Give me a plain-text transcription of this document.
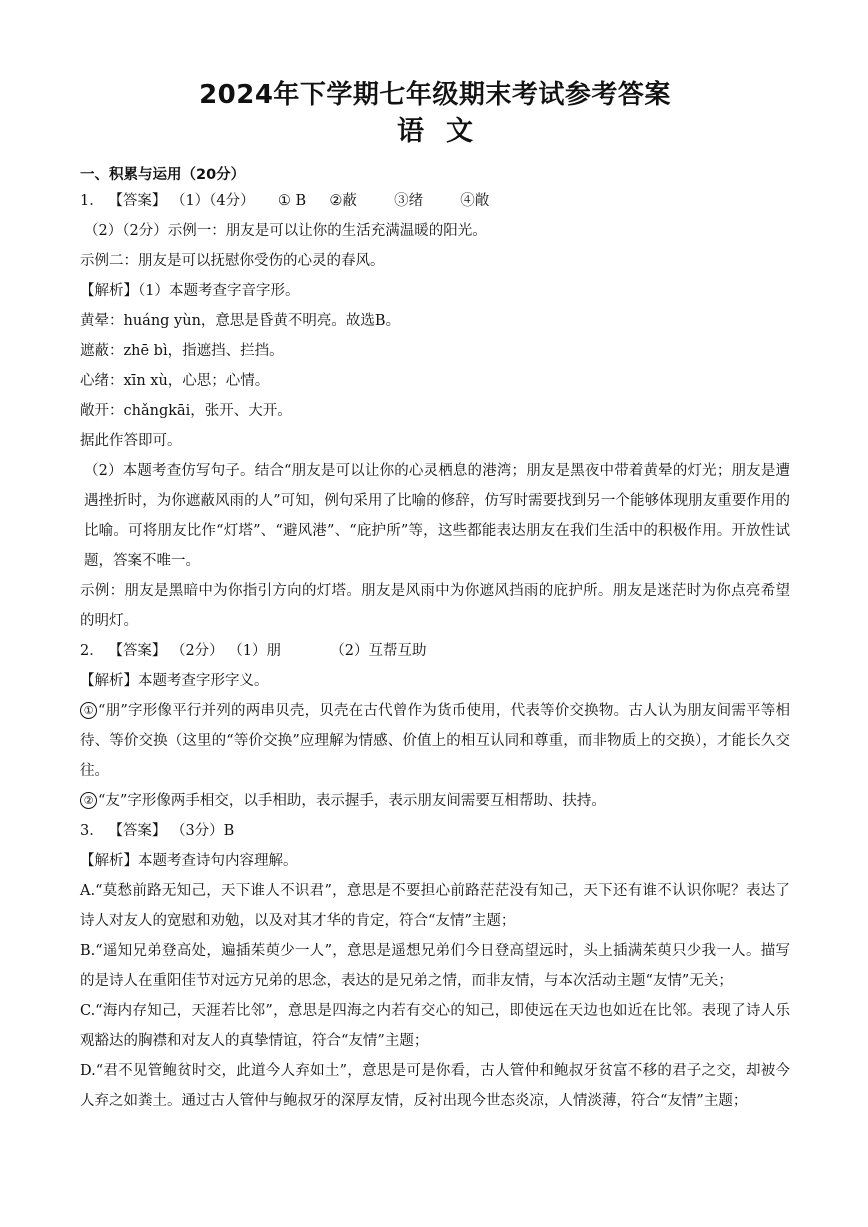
2024年下学期七年级期末考试参考答案
语文

一、积累与运用（20分）

1． 【答案】 （1）（4分） ① B ②蔽	③绪	④敞

（2）（2分）示例一：朋友是可以让你的生活充满温暖的阳光。

示例二：朋友是可以抚慰你受伤的心灵的春风。

【解析】（1）本题考查字音字形。

黄晕：huáng yùn，意思是昏黄不明亮。故选B。

遮蔽：zhē bì，指遮挡、拦挡。

心绪：xīn xù，心思；心情。

敞开：chǎngkāi，张开、大开。

据此作答即可。

（2）本题考查仿写句子。结合“朋友是可以让你的心灵栖息的港湾；朋友是黑夜中带着黄晕的灯光；朋友是遭遇挫折时，为你遮蔽风雨的人”可知，例句采用了比喻的修辞，仿写时需要找到另一个能够体现朋友重要作用的比喻。可将朋友比作“灯塔”、“避风港”、“庇护所”等，这些都能表达朋友在我们生活中的积极作用。开放性试题，答案不唯一。

示例：朋友是黑暗中为你指引方向的灯塔。朋友是风雨中为你遮风挡雨的庇护所。朋友是迷茫时为你点亮希望的明灯。

2． 【答案】 （2分） （1）朋	（2）互帮互助

【解析】本题考查字形字义。

① “朋”字形像平行并列的两串贝壳，贝壳在古代曾作为货币使用，代表等价交换物。古人认为朋友间需平等相待、等价交换（这里的“等价交换”应理解为情感、价值上的相互认同和尊重，而非物质上的交换），才能长久交往。

② “友”字形像两手相交，以手相助，表示握手，表示朋友间需要互相帮助、扶持。

3． 【答案】 （3分）B

【解析】本题考查诗句内容理解。

A.“莫愁前路无知己，天下谁人不识君”，意思是不要担心前路茫茫没有知己，天下还有谁不认识你呢？表达了诗人对友人的宽慰和劝勉，以及对其才华的肯定，符合“友情”主题；

B.“遥知兄弟登高处，遍插茱萸少一人”，意思是遥想兄弟们今日登高望远时，头上插满茱萸只少我一人。描写的是诗人在重阳佳节对远方兄弟的思念，表达的是兄弟之情，而非友情，与本次活动主题“友情”无关；

C.“海内存知己，天涯若比邻”，意思是四海之内若有交心的知己，即使远在天边也如近在比邻。表现了诗人乐观豁达的胸襟和对友人的真挚情谊，符合“友情”主题；

D.“君不见管鲍贫时交，此道今人弃如土”，意思是可是你看，古人管仲和鲍叔牙贫富不移的君子之交，却被今人弃之如粪土。通过古人管仲与鲍叔牙的深厚友情，反衬出现今世态炎凉，人情淡薄，符合“友情”主题；
